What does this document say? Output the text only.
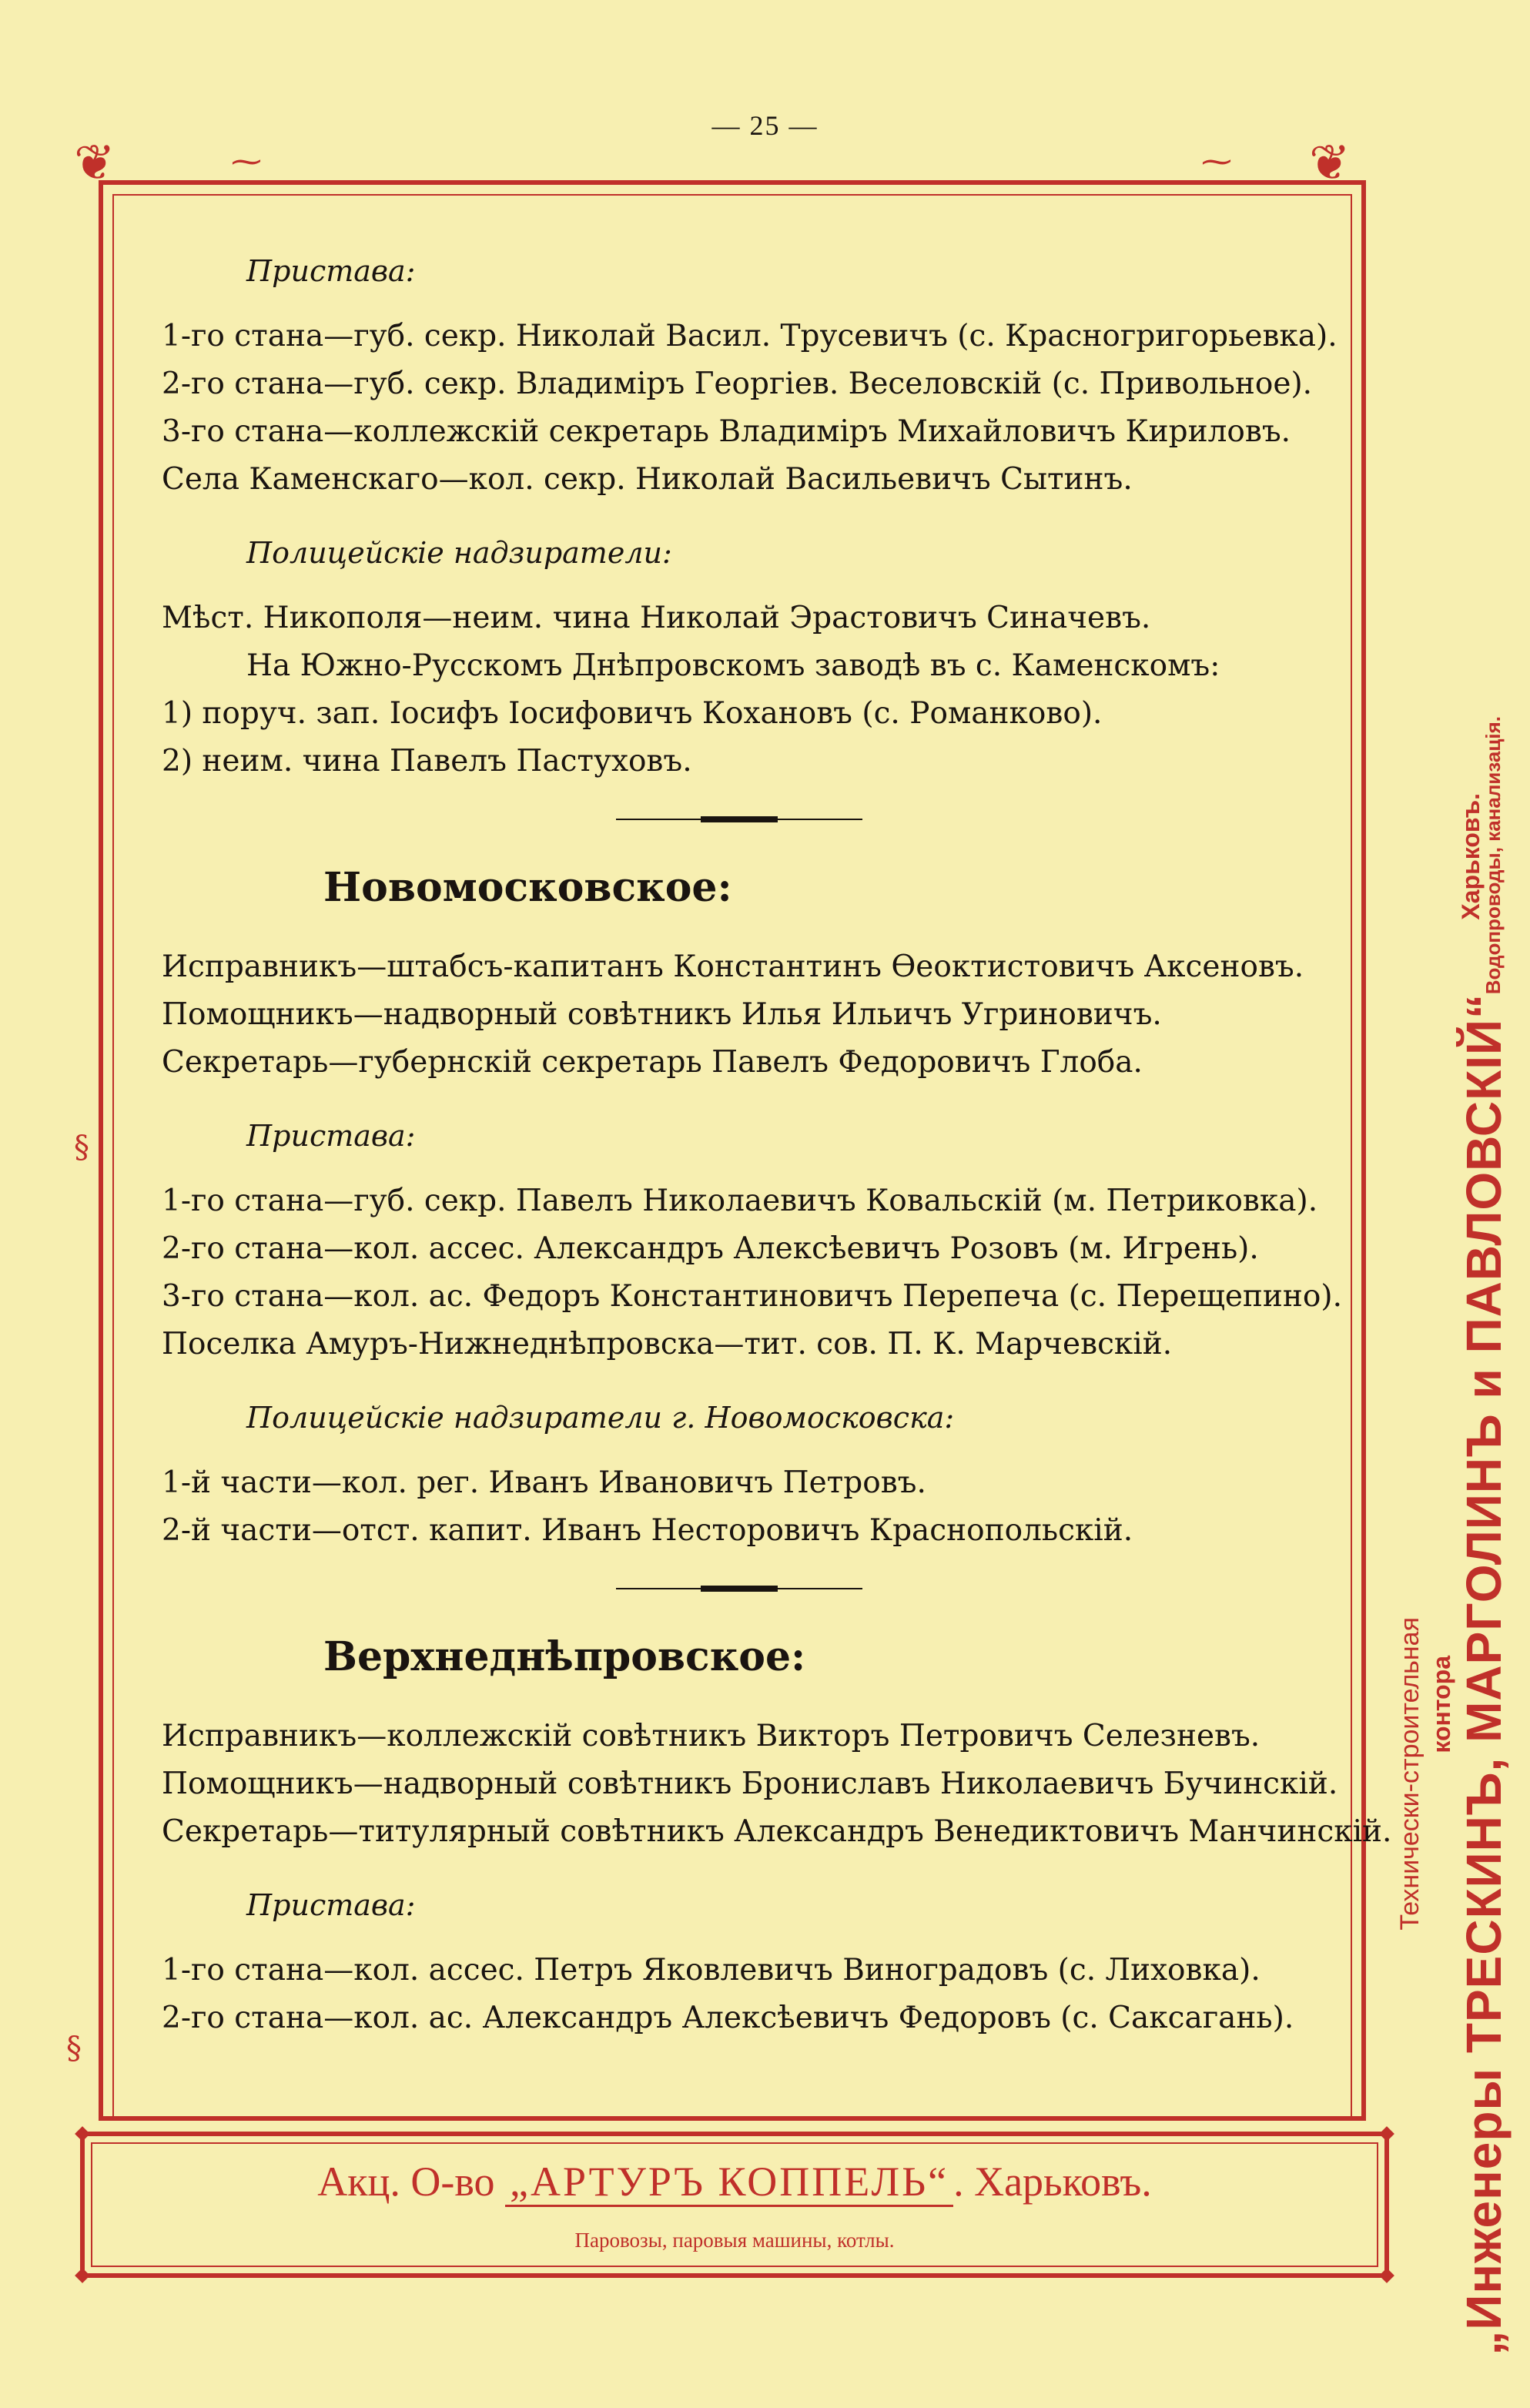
— 25 —

❦	❦
⁓	⁓
§
§
Технически-строительная контора „Инженеры ТРЕСКИНЪ, МАРГОЛИНЪ и ПАВЛОВСКІЙ“
Харьковъ.
Водопроводы, канализація.

Пристава:

1-го стана—губ. секр. Николай Васил. Трусевичъ (с. Красногригорьевка).

2-го стана—губ. секр. Владиміръ Георгiев. Веселовскій (с. Привольное).

3-го стана—коллежскій секретарь Владиміръ Михайловичъ Кириловъ.

Села Каменскаго—кол. секр. Николай Васильевичъ Сытинъ.

Полицейскіе надзиратели:

Мѣст. Никополя—неим. чина Николай Эрастовичъ Синачевъ.

На Южно-Русскомъ Днѣпровскомъ заводѣ въ с. Каменскомъ:

1) поруч. зап. Іосифъ Іосифовичъ Кохановъ (с. Романково).

2) неим. чина Павелъ Пастуховъ.

Новомосковское:

Исправникъ—штабсъ-капитанъ Константинъ Ѳеоктистовичъ Аксеновъ.

Помощникъ—надворный совѣтникъ Илья Ильичъ Угриновичъ.

Секретарь—губернскій секретарь Павелъ Федоровичъ Глоба.

Пристава:

1-го стана—губ. секр. Павелъ Николаевичъ Ковальскій (м. Петриковка).

2-го стана—кол. ассес. Александръ Алексѣевичъ Розовъ (м. Игрень).

3-го стана—кол. ас. Федоръ Константиновичъ Перепеча (с. Перещепино).

Поселка Амуръ-Нижнеднѣпровска—тит. сов. П. К. Марчевскій.

Полицейскіе надзиратели г. Новомосковска:

1-й части—кол. рег. Иванъ Ивановичъ Петровъ.

2-й части—отст. капит. Иванъ Несторовичъ Краснопольскій.

Верхнеднѣпровское:

Исправникъ—коллежскій совѣтникъ Викторъ Петровичъ Селезневъ.

Помощникъ—надворный совѣтникъ Брониславъ Николаевичъ Бучинскій.

Секретарь—титулярный совѣтникъ Александръ Венедиктовичъ Манчинскій.

Пристава:

1-го стана—кол. ассес. Петръ Яковлевичъ Виноградовъ (с. Лиховка).

2-го стана—кол. ас. Александръ Алексѣевичъ Федоровъ (с. Саксагань).

Акц. О-во „АРТУРЪ КОППЕЛЬ“ . Харьковъ.

Паровозы, паровыя машины, котлы.
